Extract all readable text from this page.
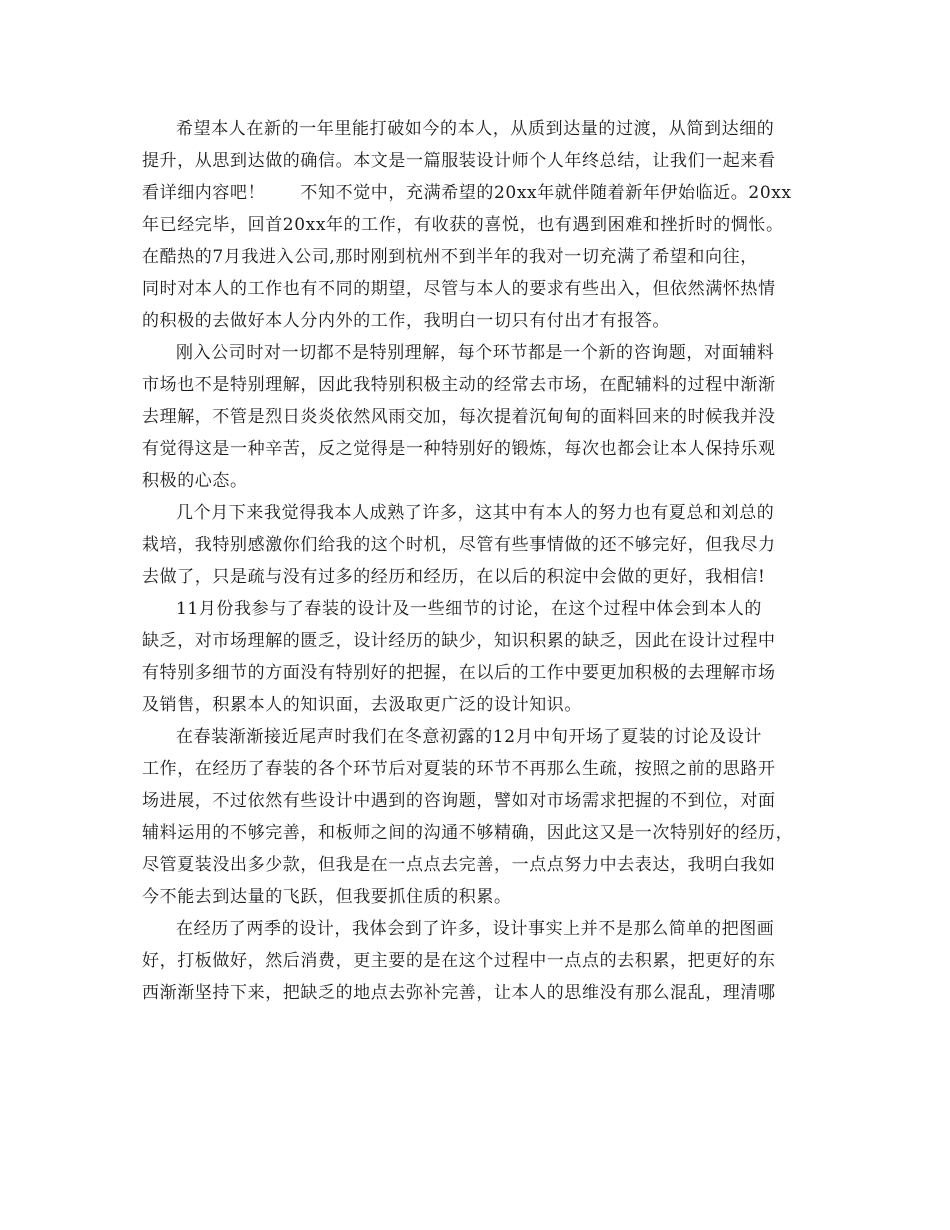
希望本人在新的一年里能打破如今的本人，从质到达量的过渡，从简到达细的
提升，从思到达做的确信。本文是一篇服装设计师个人年终总结，让我们一起来看
看详细内容吧！　　不知不觉中，充满希望的20xx年就伴随着新年伊始临近。20xx
年已经完毕，回首20xx年的工作，有收获的喜悦，也有遇到困难和挫折时的惆怅。
在酷热的7月我进入公司,那时刚到杭州不到半年的我对一切充满了希望和向往，
同时对本人的工作也有不同的期望，尽管与本人的要求有些出入，但依然满怀热情
的积极的去做好本人分内外的工作，我明白一切只有付出才有报答。
刚入公司时对一切都不是特别理解，每个环节都是一个新的咨询题，对面辅料
市场也不是特别理解，因此我特别积极主动的经常去市场，在配辅料的过程中渐渐
去理解，不管是烈日炎炎依然风雨交加，每次提着沉甸甸的面料回来的时候我并没
有觉得这是一种辛苦，反之觉得是一种特别好的锻炼，每次也都会让本人保持乐观
积极的心态。
几个月下来我觉得我本人成熟了许多，这其中有本人的努力也有夏总和刘总的
栽培，我特别感激你们给我的这个时机，尽管有些事情做的还不够完好，但我尽力
去做了，只是疏与没有过多的经历和经历，在以后的积淀中会做的更好，我相信!
11月份我参与了春装的设计及一些细节的讨论，在这个过程中体会到本人的
缺乏，对市场理解的匮乏，设计经历的缺少，知识积累的缺乏，因此在设计过程中
有特别多细节的方面没有特别好的把握，在以后的工作中要更加积极的去理解市场
及销售，积累本人的知识面，去汲取更广泛的设计知识。
在春装渐渐接近尾声时我们在冬意初露的12月中旬开场了夏装的讨论及设计
工作，在经历了春装的各个环节后对夏装的环节不再那么生疏，按照之前的思路开
场进展，不过依然有些设计中遇到的咨询题，譬如对市场需求把握的不到位，对面
辅料运用的不够完善，和板师之间的沟通不够精确，因此这又是一次特别好的经历，
尽管夏装没出多少款，但我是在一点点去完善，一点点努力中去表达，我明白我如
今不能去到达量的飞跃，但我要抓住质的积累。
在经历了两季的设计，我体会到了许多，设计事实上并不是那么简单的把图画
好，打板做好，然后消费，更主要的是在这个过程中一点点的去积累，把更好的东
西渐渐坚持下来，把缺乏的地点去弥补完善，让本人的思维没有那么混乱，理清哪
